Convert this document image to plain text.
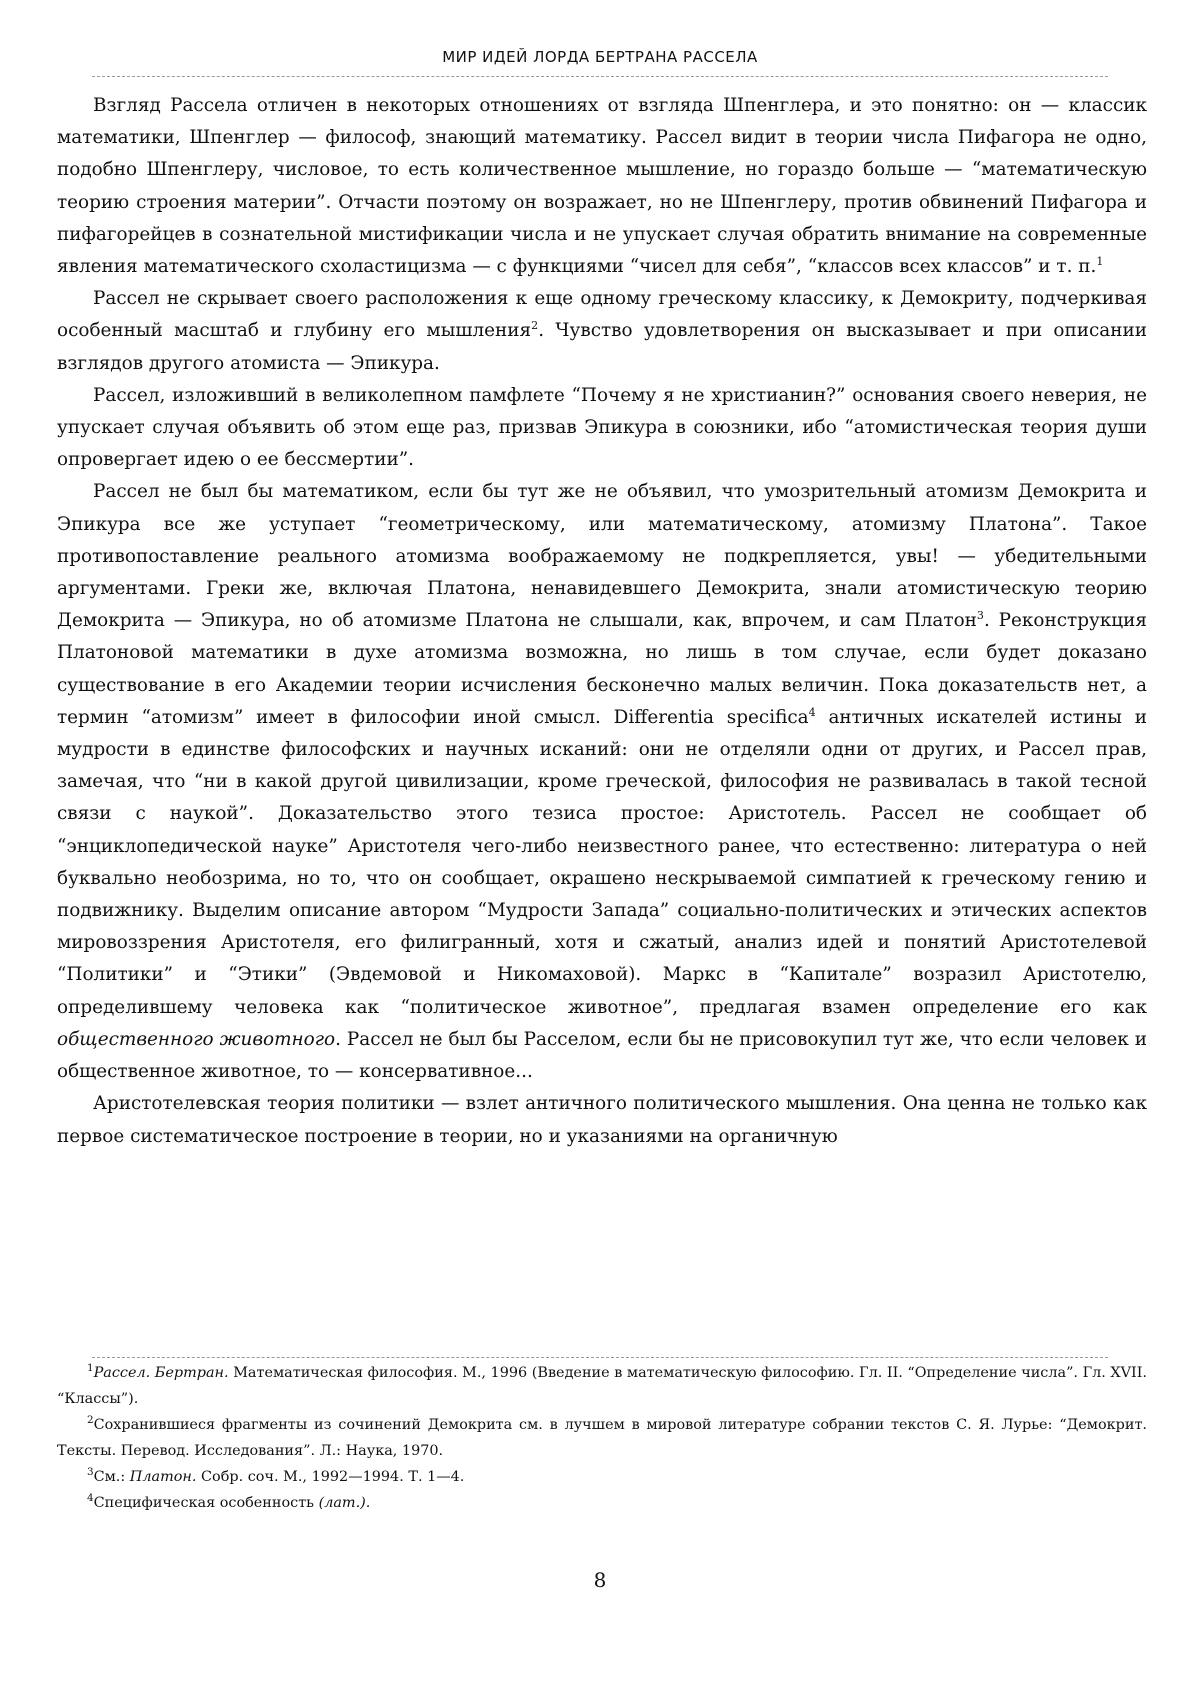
МИР ИДЕЙ ЛОРДА БЕРТРАНА РАССЕЛА

Взгляд Рассела отличен в некоторых отношениях от взгляда Шпенглера, и это понятно: он — классик математики, Шпенглер — философ, знающий математику. Рассел видит в теории числа Пифагора не одно, подобно Шпенглеру, числовое, то есть количественное мышление, но гораздо больше — “математическую теорию строения материи”. Отчасти поэтому он возражает, но не Шпенглеру, против обвинений Пифагора и пифагорейцев в сознательной мистификации числа и не упускает случая обратить внимание на современные явления математического схоластицизма — с функциями “чисел для себя”, “классов всех классов” и т. п.$^1$

Рассел не скрывает своего расположения к еще одному греческому классику, к Демокриту, подчеркивая особенный масштаб и глубину его мышления$^2$. Чувство удовлетворения он высказывает и при описании взглядов другого атомиста — Эпикура.

Рассел, изложивший в великолепном памфлете “Почему я не христианин?” основания своего неверия, не упускает случая объявить об этом еще раз, призвав Эпикура в союзники, ибо “атомистическая теория души опровергает идею о ее бессмертии”.

Рассел не был бы математиком, если бы тут же не объявил, что умозрительный атомизм Демокрита и Эпикура все же уступает “геометрическому, или математическому, атомизму Платона”. Такое противопоставление реального атомизма воображаемому не подкрепляется, увы! — убедительными аргументами. Греки же, включая Платона, ненавидевшего Демокрита, знали атомистическую теорию Демокрита — Эпикура, но об атомизме Платона не слышали, как, впрочем, и сам Платон$^3$. Реконструкция Платоновой математики в духе атомизма возможна, но лишь в том случае, если будет доказано существование в его Академии теории исчисления бесконечно малых величин. Пока доказательств нет, а термин “атомизм” имеет в философии иной смысл. Differentia specifica$^4$ античных искателей истины и мудрости в единстве философских и научных исканий: они не отделяли одни от других, и Рассел прав, замечая, что “ни в какой другой цивилизации, кроме греческой, философия не развивалась в такой тесной связи с наукой”. Доказательство этого тезиса простое: Аристотель. Рассел не сообщает об “энциклопедической науке” Аристотеля чего-либо неизвестного ранее, что естественно: литература о ней буквально необозрима, но то, что он сообщает, окрашено нескрываемой симпатией к греческому гению и подвижнику. Выделим описание автором “Мудрости Запада” социально-политических и этических аспектов мировоззрения Аристотеля, его филигранный, хотя и сжатый, анализ идей и понятий Аристотелевой “Политики” и “Этики” (Эвдемовой и Никомаховой). Маркс в “Капитале” возразил Аристотелю, определившему человека как “политическое животное”, предлагая взамен определение его как общественного животного. Рассел не был бы Расселом, если бы не присовокупил тут же, что если человек и общественное животное, то — консервативное...

Аристотелевская теория политики — взлет античного политического мышления. Она ценна не только как первое систематическое построение в теории, но и указаниями на органичную

$^1$Рассел. Бертран. Математическая философия. М., 1996 (Введение в математическую философию. Гл. II. “Определение числа”. Гл. XVII. “Классы”).

$^2$Сохранившиеся фрагменты из сочинений Демокрита см. в лучшем в мировой литературе собрании текстов С. Я. Лурье: “Демокрит. Тексты. Перевод. Исследования”. Л.: Наука, 1970.

$^3$См.: Платон. Собр. соч. М., 1992—1994. Т. 1—4.

$^4$Специфическая особенность (лат.).

8
